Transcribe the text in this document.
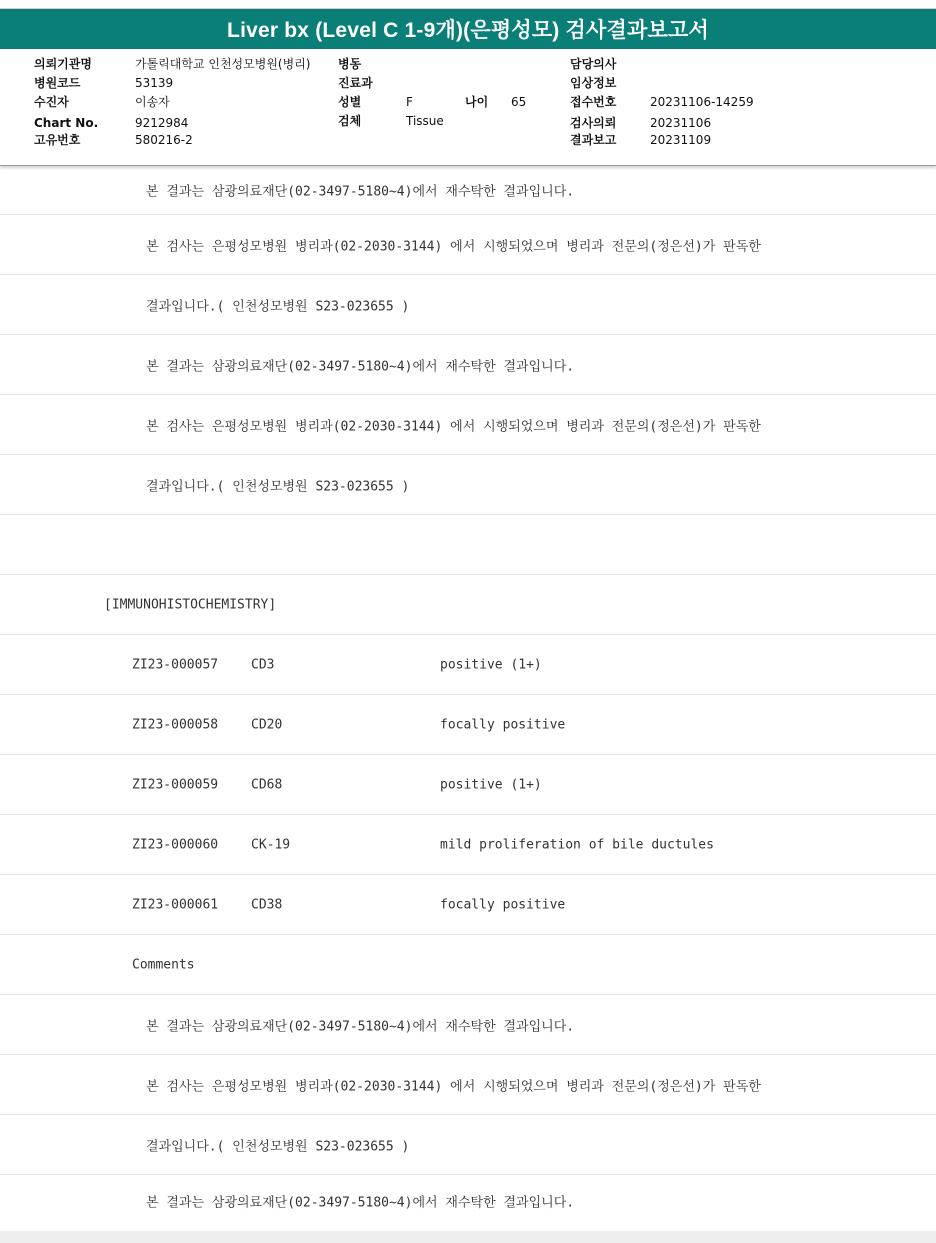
Liver bx (Level C 1-9개)(은평성모) 검사결과보고서
의뢰기관명	가톨릭대학교 인천성모병원(병리)
병원코드	53139
수진자	이송자
Chart No.	9212984
고유번호	580216-2
병동
진료과
성별	F	나이 65
검체	Tissue
담당의사
임상정보
접수번호	20231106-14259
검사의뢰	20231106
결과보고	20231109
본 결과는 삼광의료재단(02-3497-5180~4)에서 재수탁한 결과입니다.
본 검사는 은평성모병원 병리과(02-2030-3144) 에서 시행되었으며 병리과 전문의(정은선)가 판독한
결과입니다.( 인천성모병원 S23-023655 )
본 결과는 삼광의료재단(02-3497-5180~4)에서 재수탁한 결과입니다.
본 검사는 은평성모병원 병리과(02-2030-3144) 에서 시행되었으며 병리과 전문의(정은선)가 판독한
결과입니다.( 인천성모병원 S23-023655 )
[IMMUNOHISTOCHEMISTRY]
ZI23-000057	CD3	positive (1+)
ZI23-000058	CD20	focally positive
ZI23-000059	CD68	positive (1+)
ZI23-000060	CK-19	mild proliferation of bile ductules
ZI23-000061	CD38	focally positive
Comments
본 결과는 삼광의료재단(02-3497-5180~4)에서 재수탁한 결과입니다.
본 검사는 은평성모병원 병리과(02-2030-3144) 에서 시행되었으며 병리과 전문의(정은선)가 판독한
결과입니다.( 인천성모병원 S23-023655 )
본 결과는 삼광의료재단(02-3497-5180~4)에서 재수탁한 결과입니다.
